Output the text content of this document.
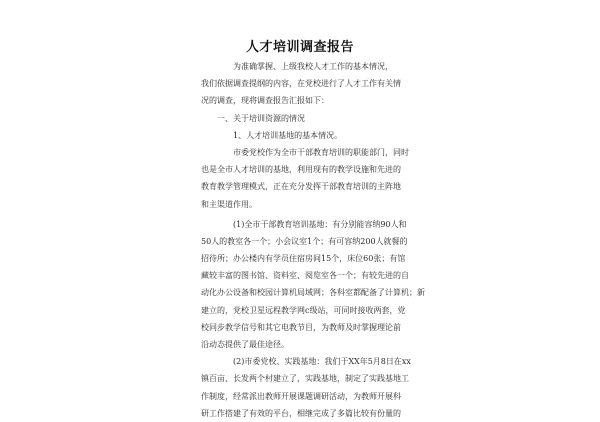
人才培训调查报告
　　　　为准确掌握、上级我校人才工作的基本情况，
我们依据调查提纲的内容，在党校进行了人才工作有关情
况的调查，现将调查报告汇报如下：
　　一、关于培训资源的情况
　　　　1、人才培训基地的基本情况。
　　　　市委党校作为全市干部教育培训的职能部门，同时
也是全市人才培训的基地，利用现有的教学设施和先进的
教育教学管理模式，正在充分发挥干部教育培训的主阵地
和主渠道作用。
　　　　(1)全市干部教育培训基地：有分别能容纳90人和
50人的教室各一个；小会议室1个；有可容纳200人就餐的
招待所；办公楼内有学员住宿房间15个，床位60张；有馆
藏较丰富的图书馆、资料室、阅览室各一个；有较先进的自
动化办公设备和校园计算机局域网；各科室都配备了计算机；新
建立的，党校卫星远程教学网c级站，可同时接收两套，党
校同步教学信号和其它电教节目，为教师及时掌握理论前
沿动态提供了最佳途径。
　　　　(2)市委党校、实践基地：我们于XX年5月8日在xx
镇百亩、长发两个村建立了，实践基地，制定了实践基地工
作制度，经常派出教师开展课题调研活动，为教师开展科
研工作搭建了有效的平台，相继完成了多篇比较有份量的
